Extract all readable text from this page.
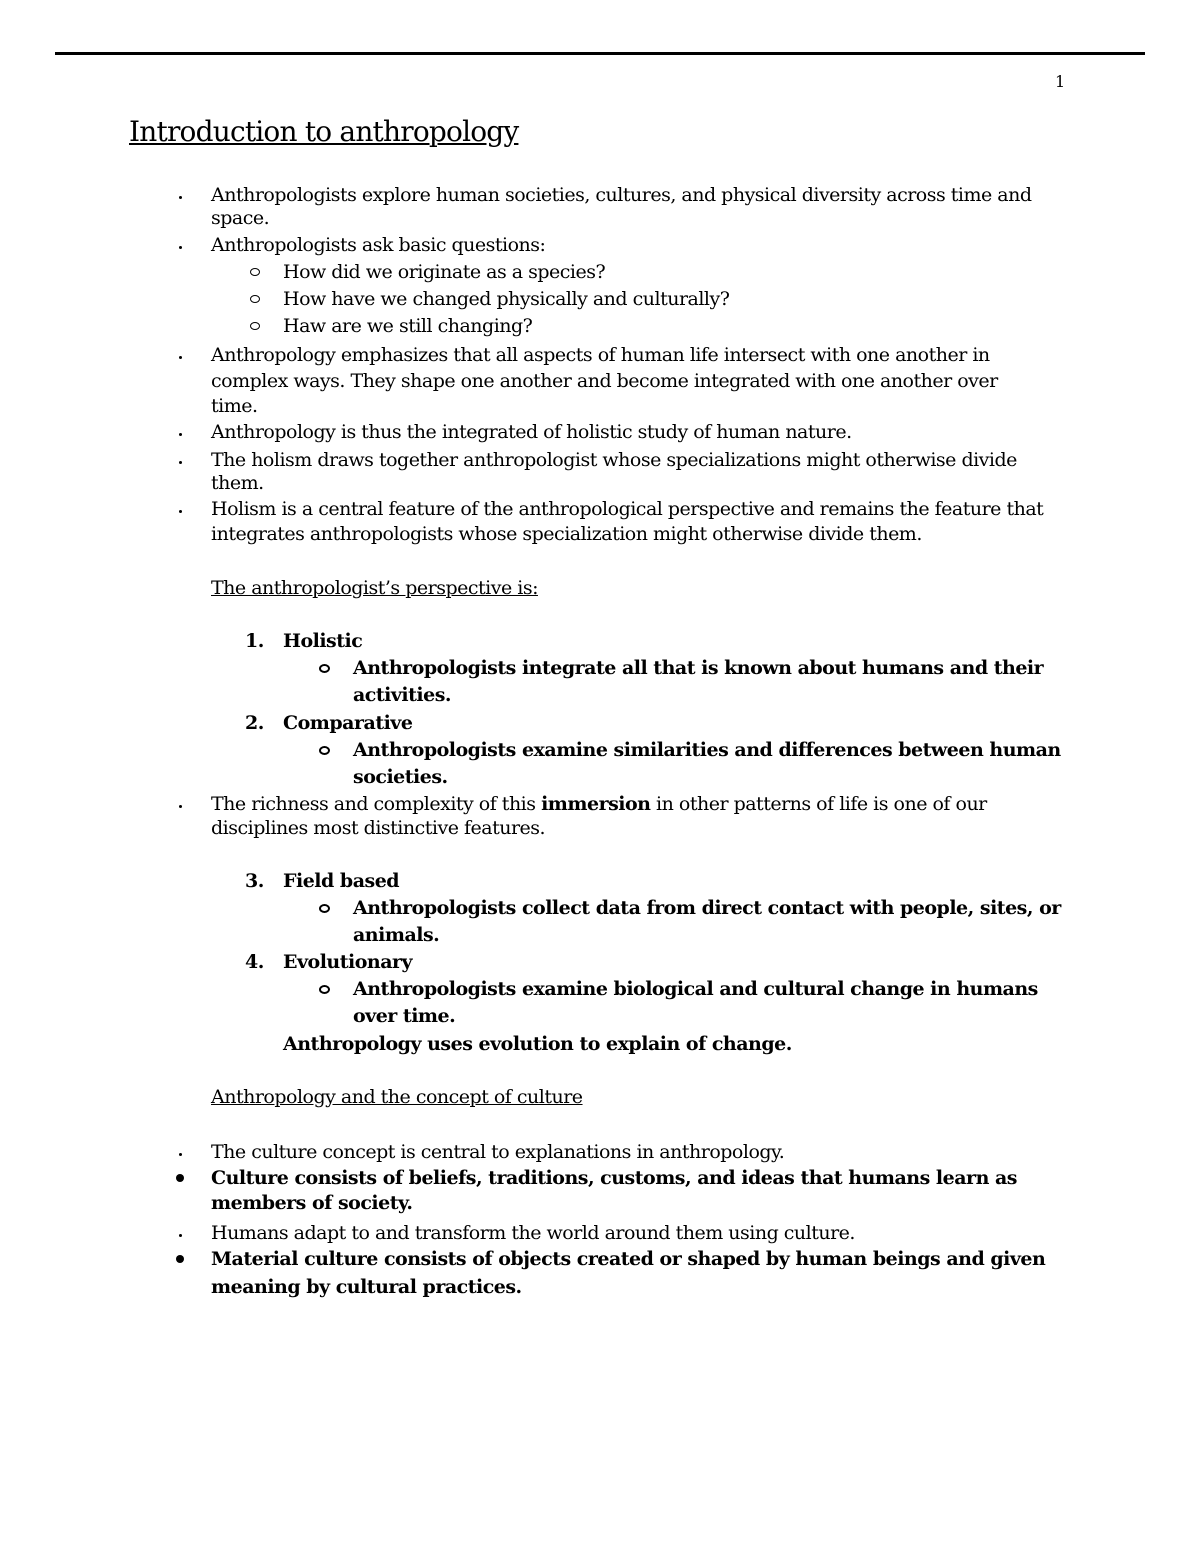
1
Introduction to anthropology
Anthropologists explore human societies, cultures, and physical diversity across time and
space.
Anthropologists ask basic questions:
How did we originate as a species?
How have we changed physically and culturally?
Haw are we still changing?
Anthropology emphasizes that all aspects of human life intersect with one another in
complex ways. They shape one another and become integrated with one another over
time.
Anthropology is thus the integrated of holistic study of human nature.
The holism draws together anthropologist whose specializations might otherwise divide
them.
Holism is a central feature of the anthropological perspective and remains the feature that
integrates anthropologists whose specialization might otherwise divide them.
The anthropologist’s perspective is:
1. Holistic
Anthropologists integrate all that is known about humans and their
activities.
2. Comparative
Anthropologists examine similarities and differences between human
societies.
The richness and complexity of this immersion in other patterns of life is one of our
disciplines most distinctive features.
3. Field based
Anthropologists collect data from direct contact with people, sites, or
animals.
4. Evolutionary
Anthropologists examine biological and cultural change in humans
over time.
Anthropology uses evolution to explain of change.
Anthropology and the concept of culture
The culture concept is central to explanations in anthropology.
Culture consists of beliefs, traditions, customs, and ideas that humans learn as
members of society.
Humans adapt to and transform the world around them using culture.
Material culture consists of objects created or shaped by human beings and given
meaning by cultural practices.
